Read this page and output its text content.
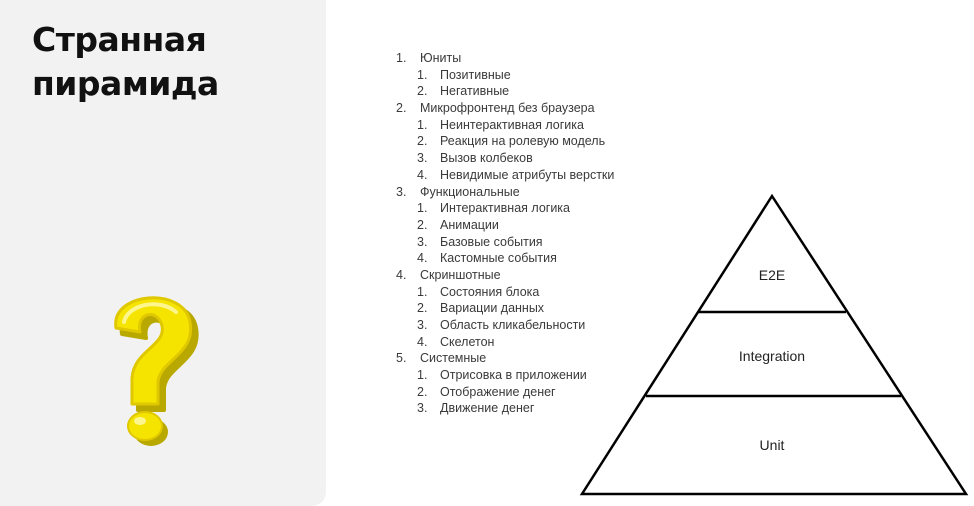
Странная
пирамида
1.	Юниты
1.	Позитивные
2.	Негативные
2.	Микрофронтенд без браузера
1.	Неинтерактивная логика
2.	Реакция на ролевую модель
3.	Вызов колбеков
4.	Невидимые атрибуты верстки
3.	Функциональные
1.	Интерактивная логика
2.	Анимации
3.	Базовые события
4.	Кастомные события
4.	Скриншотные
1.	Состояния блока
2.	Вариации данных
3.	Область кликабельности
4.	Скелетон
5.	Системные
1.	Отрисовка в приложении
2.	Отображение денег
3.	Движение денег
E2E
Integration
Unit
